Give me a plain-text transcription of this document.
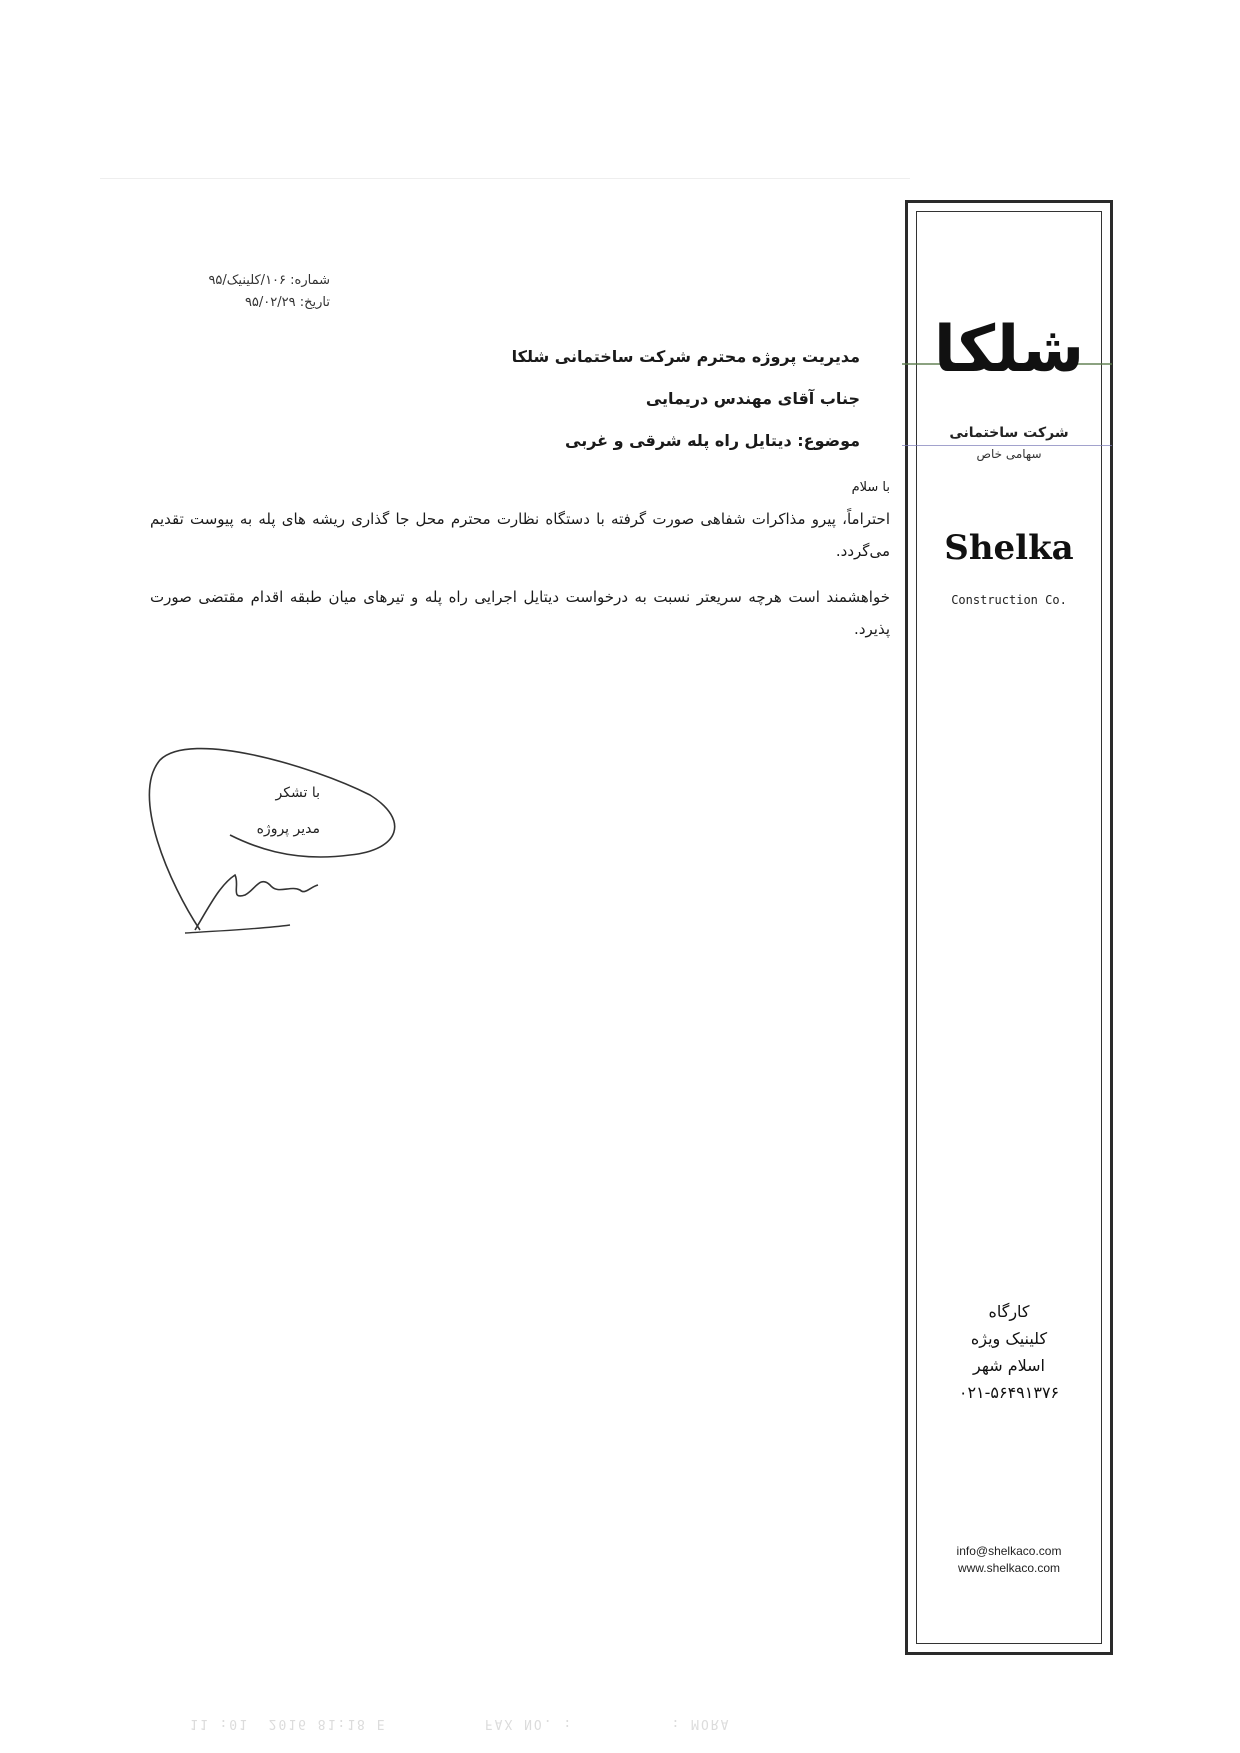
شماره: ۱۰۶/کلینیک/۹۵
تاریخ: ۹۵/۰۲/۲۹
مدیریت پروژه محترم شرکت ساختمانی شلکا
جناب آقای مهندس دریمایی
موضوع: دیتایل راه پله شرقی و غربی

با سلام

احتراماً، پیرو مذاکرات شفاهی صورت گرفته با دستگاه نظارت محترم محل جا گذاری ریشه های پله به پیوست تقدیم می‌گردد.

خواهشمند است هرچه سریعتر نسبت به درخواست دیتایل اجرایی راه پله و تیرهای میان طبقه اقدام مقتضی صورت پذیرد.

با تشکر
مدیر پروژه
شلکا
شرکت ساختمانی
سهامی خاص
Shelka
Construction Co.
کارگاه
کلینیک ویژه
اسلام شهر
۰۲۱-۵۶۴۹۱۳۷۶
info@shelkaco.com
www.shelkaco.com
11 :01  2016 81:18 E          FAX NO. :          : MORA
